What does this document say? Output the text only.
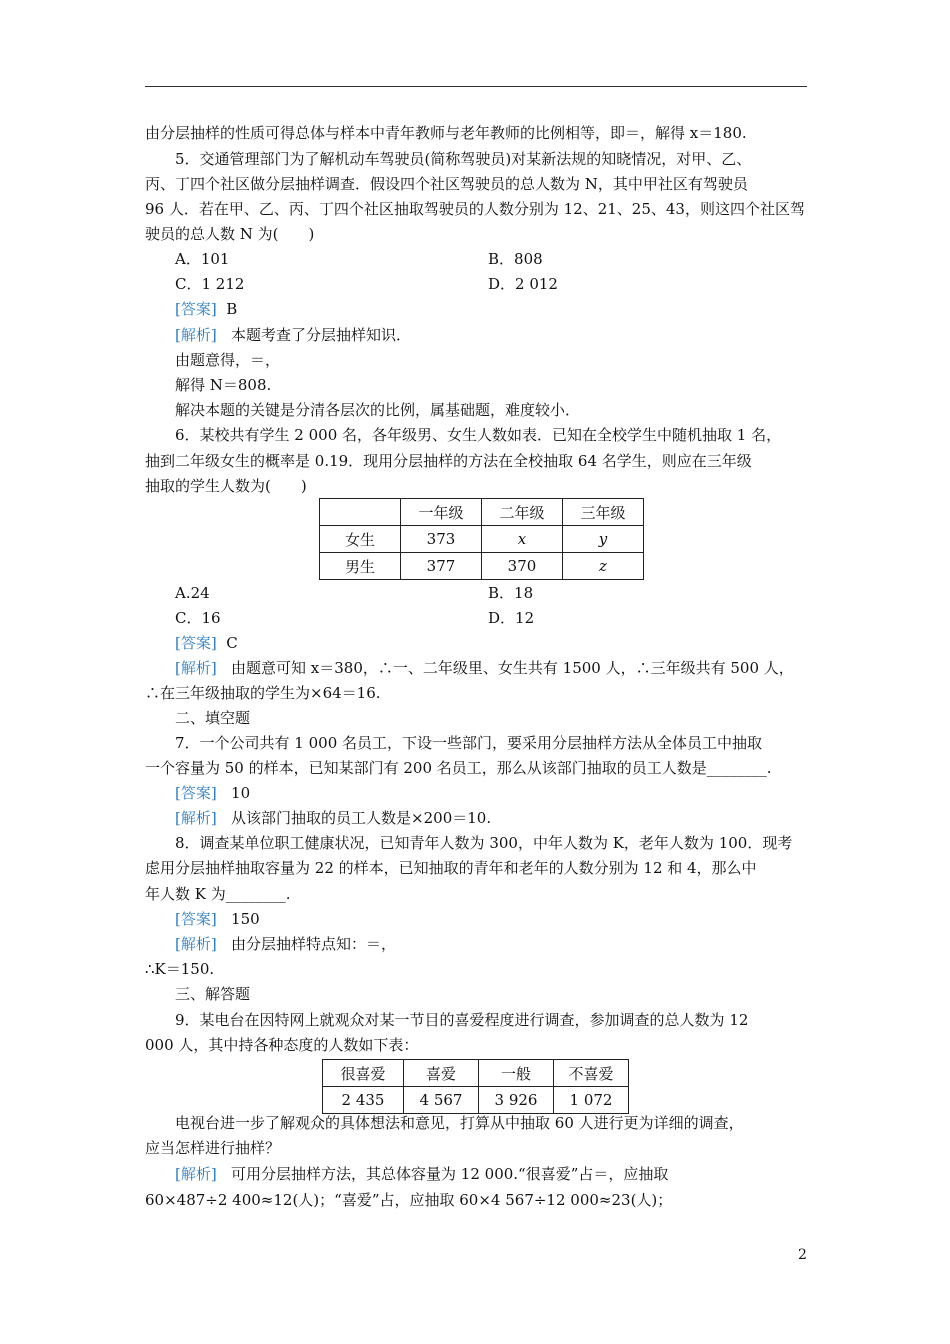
由分层抽样的性质可得总体与样本中青年教师与老年教师的比例相等，即＝，解得 x＝180.
5．交通管理部门为了解机动车驾驶员(简称驾驶员)对某新法规的知晓情况，对甲、乙、
丙、丁四个社区做分层抽样调查．假设四个社区驾驶员的总人数为 N，其中甲社区有驾驶员
96 人．若在甲、乙、丙、丁四个社区抽取驾驶员的人数分别为 12、21、25、43，则这四个社区驾
驶员的总人数 N 为(　　)
A．101	B．808
C．1 212	D．2 012
[答案] B
[解析] 本题考查了分层抽样知识．
由题意得，＝，
解得 N＝808.
解决本题的关键是分清各层次的比例，属基础题，难度较小．
6．某校共有学生 2 000 名，各年级男、女生人数如表．已知在全校学生中随机抽取 1 名，
抽到二年级女生的概率是 0.19．现用分层抽样的方法在全校抽取 64 名学生，则应在三年级
抽取的学生人数为(　　)
	一年级	二年级	三年级
女生	373	x	y
男生	377	370	z
A.24	B．18
C．16	D．12
[答案] C
[解析] 由题意可知 x＝380，∴一、二年级里、女生共有 1500 人，∴三年级共有 500 人，
∴在三年级抽取的学生为×64＝16.
二、填空题
7．一个公司共有 1 000 名员工，下设一些部门，要采用分层抽样方法从全体员工中抽取
一个容量为 50 的样本，已知某部门有 200 名员工，那么从该部门抽取的员工人数是________.
[答案] 10
[解析] 从该部门抽取的员工人数是×200＝10.
8．调查某单位职工健康状况，已知青年人数为 300，中年人数为 K，老年人数为 100．现考
虑用分层抽样抽取容量为 22 的样本，已知抽取的青年和老年的人数分别为 12 和 4，那么中
年人数 K 为________.
[答案] 150
[解析] 由分层抽样特点知：＝，
∴K＝150.
三、解答题
9．某电台在因特网上就观众对某一节目的喜爱程度进行调查，参加调查的总人数为 12
000 人，其中持各种态度的人数如下表：
很喜爱	喜爱	一般	不喜爱
2 435	4 567	3 926	1 072
电视台进一步了解观众的具体想法和意见，打算从中抽取 60 人进行更为详细的调查，
应当怎样进行抽样？
[解析] 可用分层抽样方法，其总体容量为 12 000.“很喜爱”占＝，应抽取
60×487÷2 400≈12(人)；“喜爱”占，应抽取 60×4 567÷12 000≈23(人)；
2
